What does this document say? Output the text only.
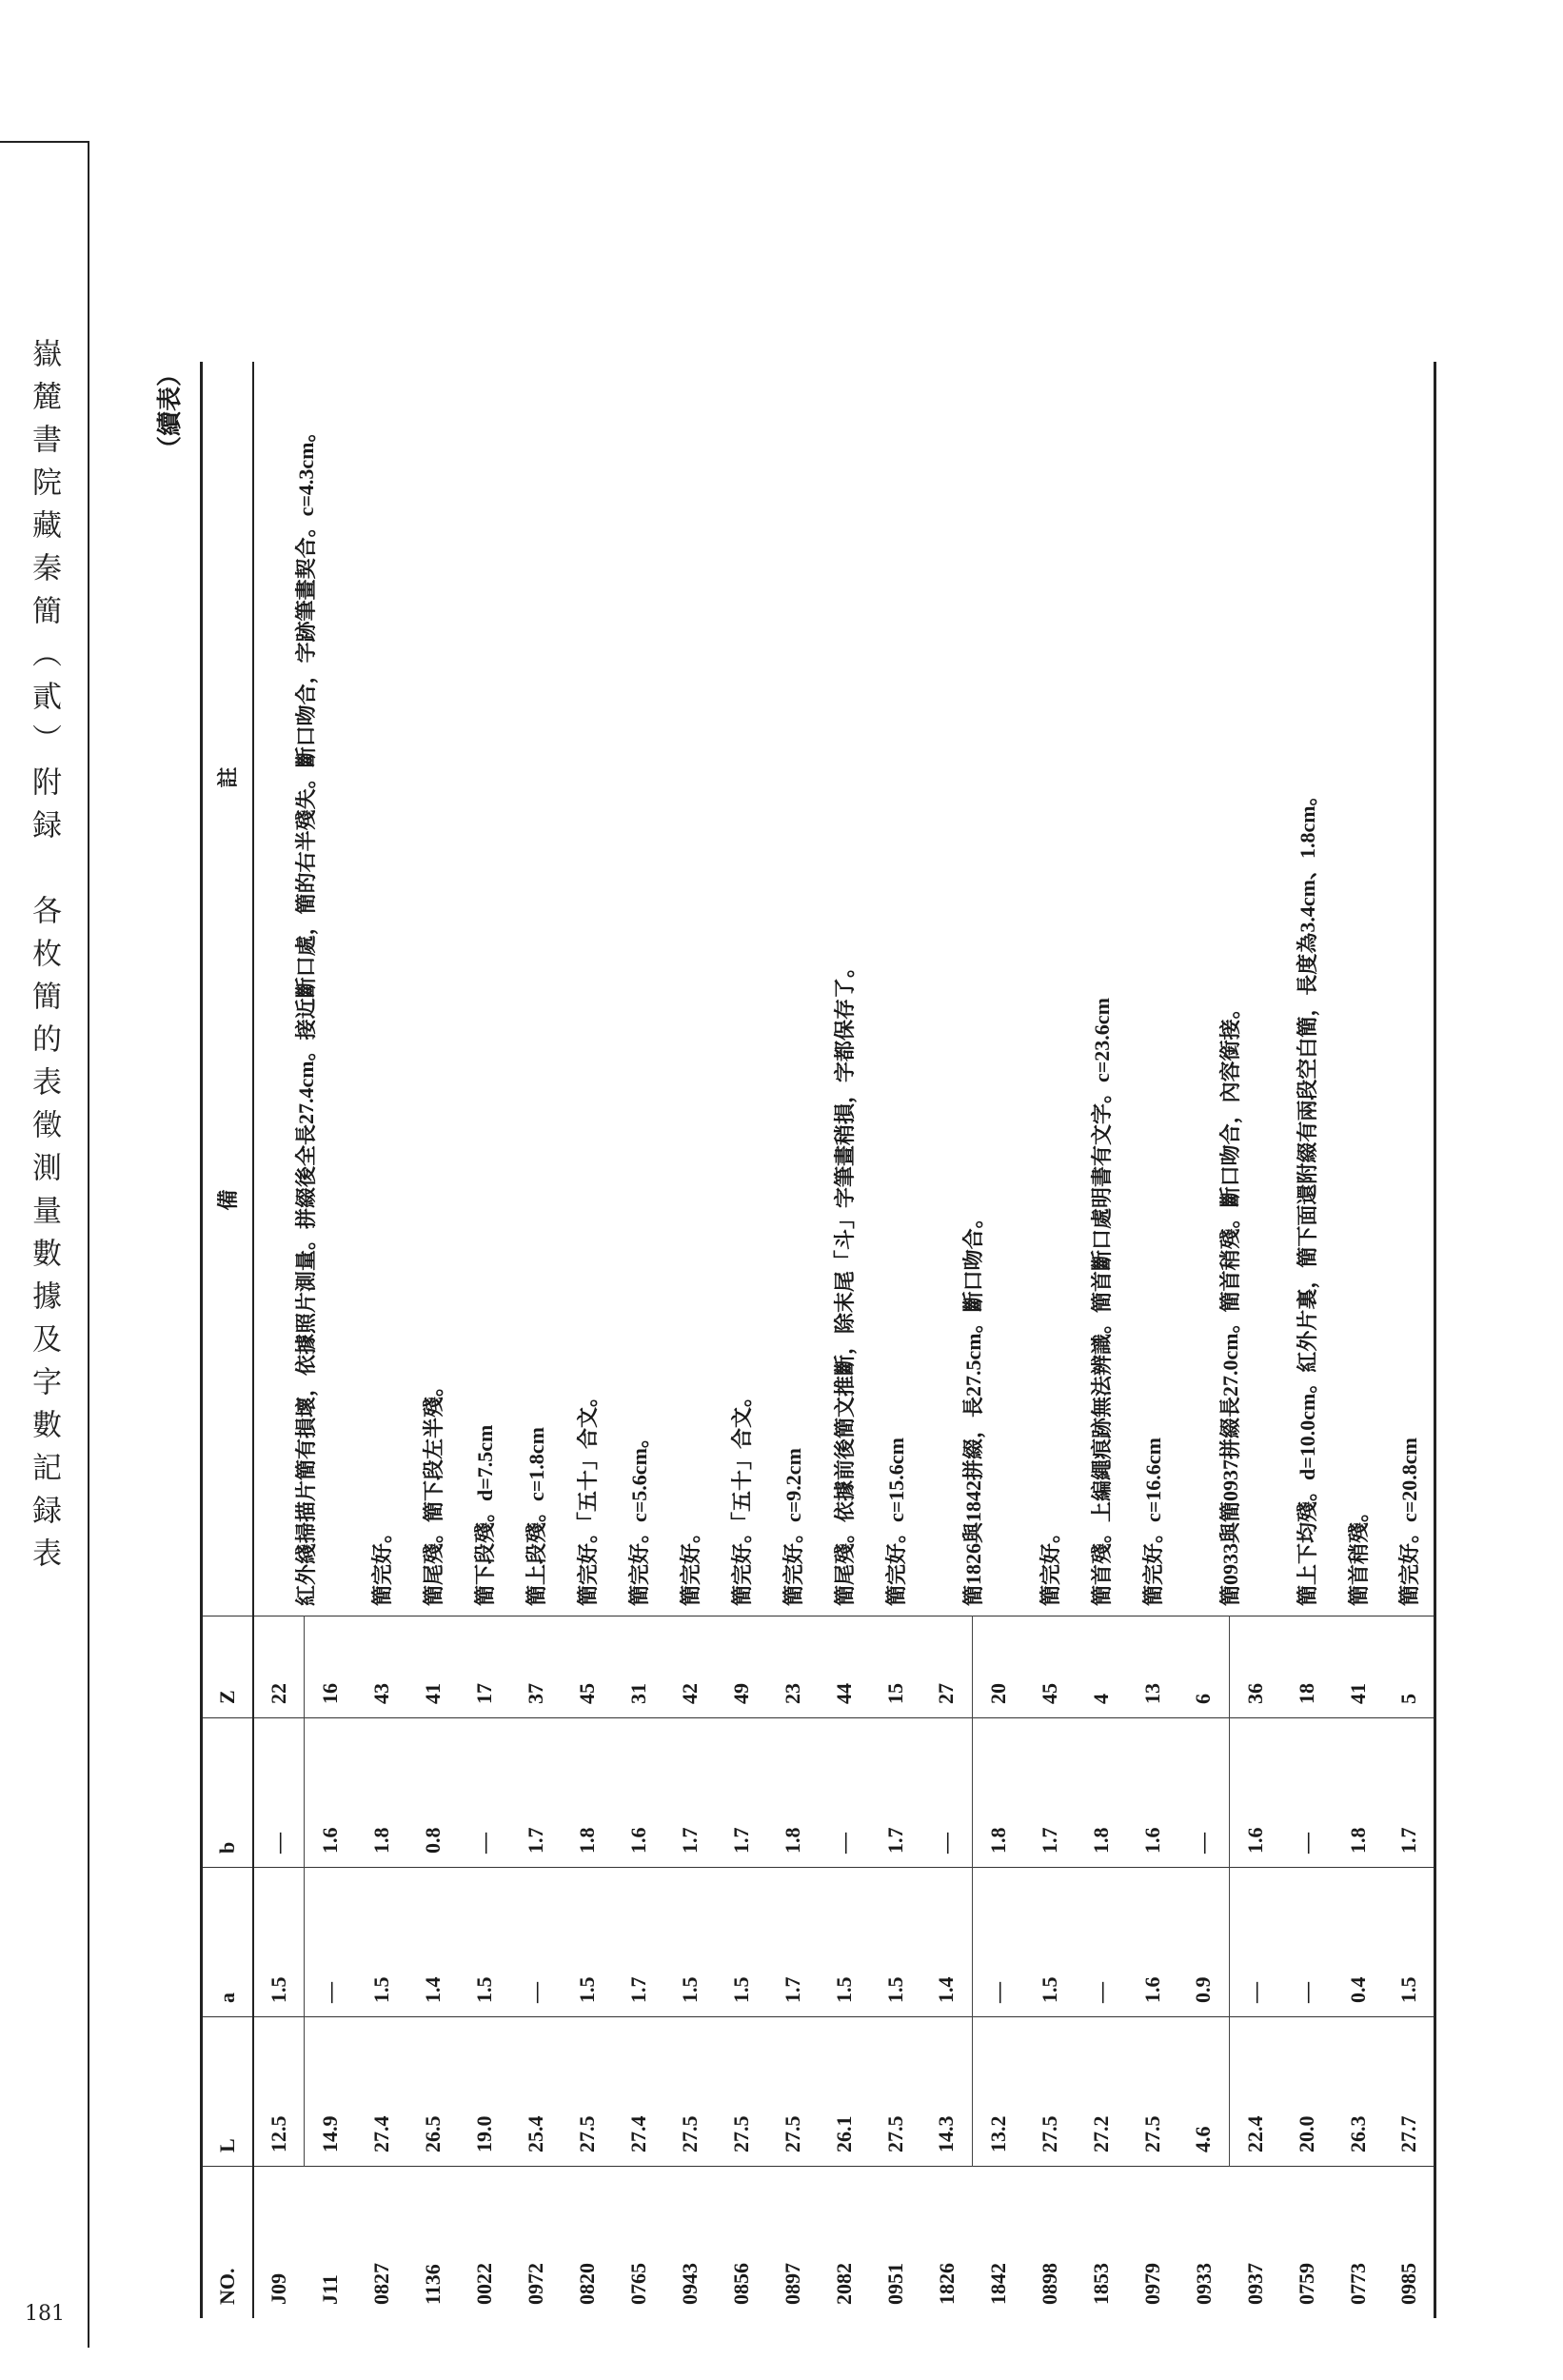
嶽麓書院藏秦簡（貳）附録　各枚簡的表徵測量數據及字數記録表
181
（續表）
NO.	L	a	b	Z	備　註
J09	12.5	1.5	—	22	紅外綫掃描片簡有損壞，依據照片測量。拼綴後全長27.4cm。接近斷口處，簡的右半殘失。斷口吻合，字跡筆畫契合。c=4.3cm。
J11	14.9	—	1.6	16	
0827	27.4	1.5	1.8	43	簡完好。
1136	26.5	1.4	0.8	41	簡尾殘。簡下段左半殘。
0022	19.0	1.5	—	17	簡下段殘。d=7.5cm
0972	25.4	—	1.7	37	簡上段殘。c=1.8cm
0820	27.5	1.5	1.8	45	簡完好。「五十」合文。
0765	27.4	1.7	1.6	31	簡完好。c=5.6cm。
0943	27.5	1.5	1.7	42	簡完好。
0856	27.5	1.5	1.7	49	簡完好。「五十」合文。
0897	27.5	1.7	1.8	23	簡完好。c=9.2cm
2082	26.1	1.5	—	44	簡尾殘。依據前後簡文推斷，除末尾「斗」字筆畫稍損，字都保存了。
0951	27.5	1.5	1.7	15	簡完好。c=15.6cm
1826	14.3	1.4	—	27	簡1826與1842拼綴，長27.5cm。斷口吻合。
1842	13.2	—	1.8	20	
0898	27.5	1.5	1.7	45	簡完好。
1853	27.2	—	1.8	4	簡首殘。上編繩痕跡無法辨識。簡首斷口處明書有文字。c=23.6cm
0979	27.5	1.6	1.6	13	簡完好。c=16.6cm
0933	4.6	0.9	—	6	簡0933與簡0937拼綴長27.0cm。簡首稍殘。斷口吻合，內容銜接。
0937	22.4	—	1.6	36	
0759	20.0	—	—	18	簡上下均殘。d=10.0cm。紅外片裏，簡下面還附綴有兩段空白簡，長度為3.4cm、1.8cm。
0773	26.3	0.4	1.8	41	簡首稍殘。
0985	27.7	1.5	1.7	5	簡完好。c=20.8cm
